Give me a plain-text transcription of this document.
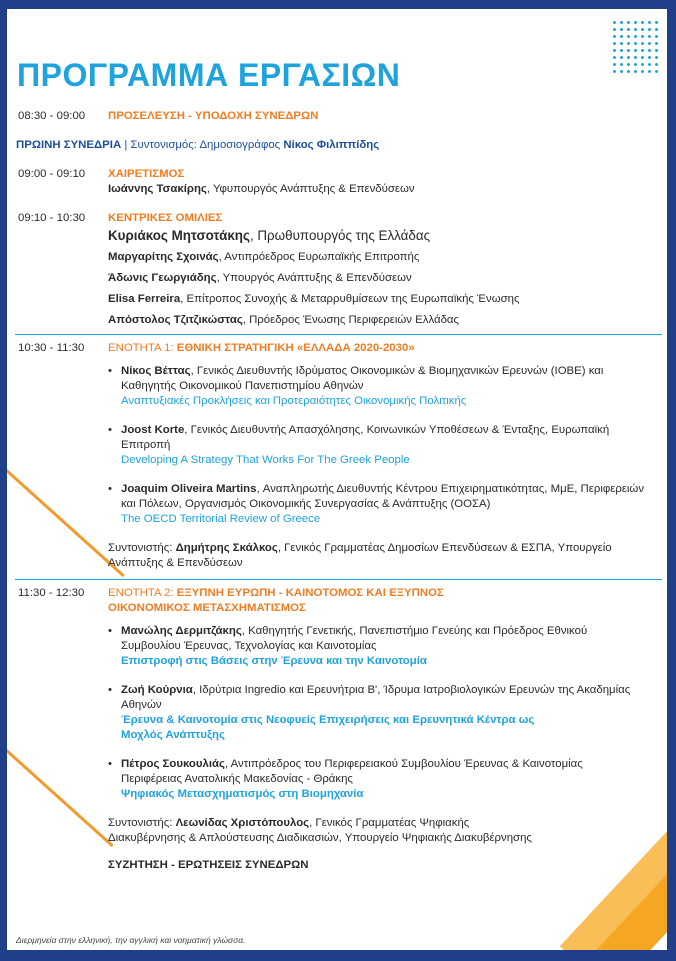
ΠΡΟΓΡΑΜΜΑ ΕΡΓΑΣΙΩΝ
08:30 - 09:00	ΠΡΟΣΕΛΕΥΣΗ - ΥΠΟΔΟΧΗ ΣΥΝΕΔΡΩΝ
ΠΡΩΙΝΗ ΣΥΝΕΔΡΙΑ | Συντονισμός: Δημοσιογράφος Νίκος Φιλιππίδης
09:00 - 09:10	ΧΑΙΡΕΤΙΣΜΟΣ
Ιωάννης Τσακίρης, Υφυπουργός Ανάπτυξης & Επενδύσεων
09:10 - 10:30	ΚΕΝΤΡΙΚΕΣ ΟΜΙΛΙΕΣ
Κυριάκος Μητσοτάκης, Πρωθυπουργός της Ελλάδας
Μαργαρίτης Σχοινάς, Αντιπρόεδρος Ευρωπαϊκής Επιτροπής
Άδωνις Γεωργιάδης, Υπουργός Ανάπτυξης & Επενδύσεων
Elisa Ferreira, Επίτροπος Συνοχής & Μεταρρυθμίσεων της Ευρωπαϊκής Ένωσης
Απόστολος Τζιτζικώστας, Πρόεδρος Ένωσης Περιφερειών Ελλάδας
10:30 - 11:30	ΕΝΟΤΗΤΑ 1: ΕΘΝΙΚΗ ΣΤΡΑΤΗΓΙΚΗ «ΕΛΛΑΔΑ 2020-2030»
• Νίκος Βέττας, Γενικός Διευθυντής Ιδρύματος Οικονομικών & Βιομηχανικών Ερευνών (ΙΟΒΕ) και Καθηγητής Οικονομικού Πανεπιστημίου Αθηνών
Αναπτυξιακές Προκλήσεις και Προτεραιότητες Οικονομικής Πολιτικής
• Joost Korte, Γενικός Διευθυντής Απασχόλησης, Κοινωνικών Υποθέσεων & Ένταξης, Ευρωπαϊκή Επιτροπή
Developing A Strategy That Works For The Greek People
• Joaquim Oliveira Martins, Αναπληρωτής Διευθυντής Κέντρου Επιχειρηματικότητας, ΜμΕ, Περιφερειών και Πόλεων, Οργανισμός Οικονομικής Συνεργασίας & Ανάπτυξης (ΟΟΣΑ)
The OECD Territorial Review of Greece
Συντονιστής: Δημήτρης Σκάλκος, Γενικός Γραμματέας Δημοσίων Επενδύσεων & ΕΣΠΑ, Υπουργείο Ανάπτυξης & Επενδύσεων
11:30 - 12:30	ΕΝΟΤΗΤΑ 2: ΕΞΥΠΝΗ ΕΥΡΩΠΗ - ΚΑΙΝΟΤΟΜΟΣ ΚΑΙ ΕΞΥΠΝΟΣ ΟΙΚΟΝΟΜΙΚΟΣ ΜΕΤΑΣΧΗΜΑΤΙΣΜΟΣ
• Μανώλης Δερμιτζάκης, Καθηγητής Γενετικής, Πανεπιστήμιο Γενεύης και Πρόεδρος Εθνικού Συμβουλίου Έρευνας, Τεχνολογίας και Καινοτομίας
Επιστροφή στις Βάσεις στην Έρευνα και την Καινοτομία
• Ζωή Κούρνια, Ιδρύτρια Ingredio και Ερευνήτρια Β', Ίδρυμα Ιατροβιολογικών Ερευνών της Ακαδημίας Αθηνών
Έρευνα & Καινοτομία στις Νεοφυείς Επιχειρήσεις και Ερευνητικά Κέντρα ως Μοχλός Ανάπτυξης
• Πέτρος Σουκουλιάς, Αντιπρόεδρος του Περιφερειακού Συμβουλίου Έρευνας & Καινοτομίας Περιφέρειας Ανατολικής Μακεδονίας - Θράκης
Ψηφιακός Μετασχηματισμός στη Βιομηχανία
Συντονιστής: Λεωνίδας Χριστόπουλος, Γενικός Γραμματέας Ψηφιακής Διακυβέρνησης & Απλούστευσης Διαδικασιών, Υπουργείο Ψηφιακής Διακυβέρνησης
ΣΥΖΗΤΗΣΗ - ΕΡΩΤΗΣΕΙΣ ΣΥΝΕΔΡΩΝ
Διερμηνεία στην ελληνική, την αγγλική και νοηματική γλώσσα.
